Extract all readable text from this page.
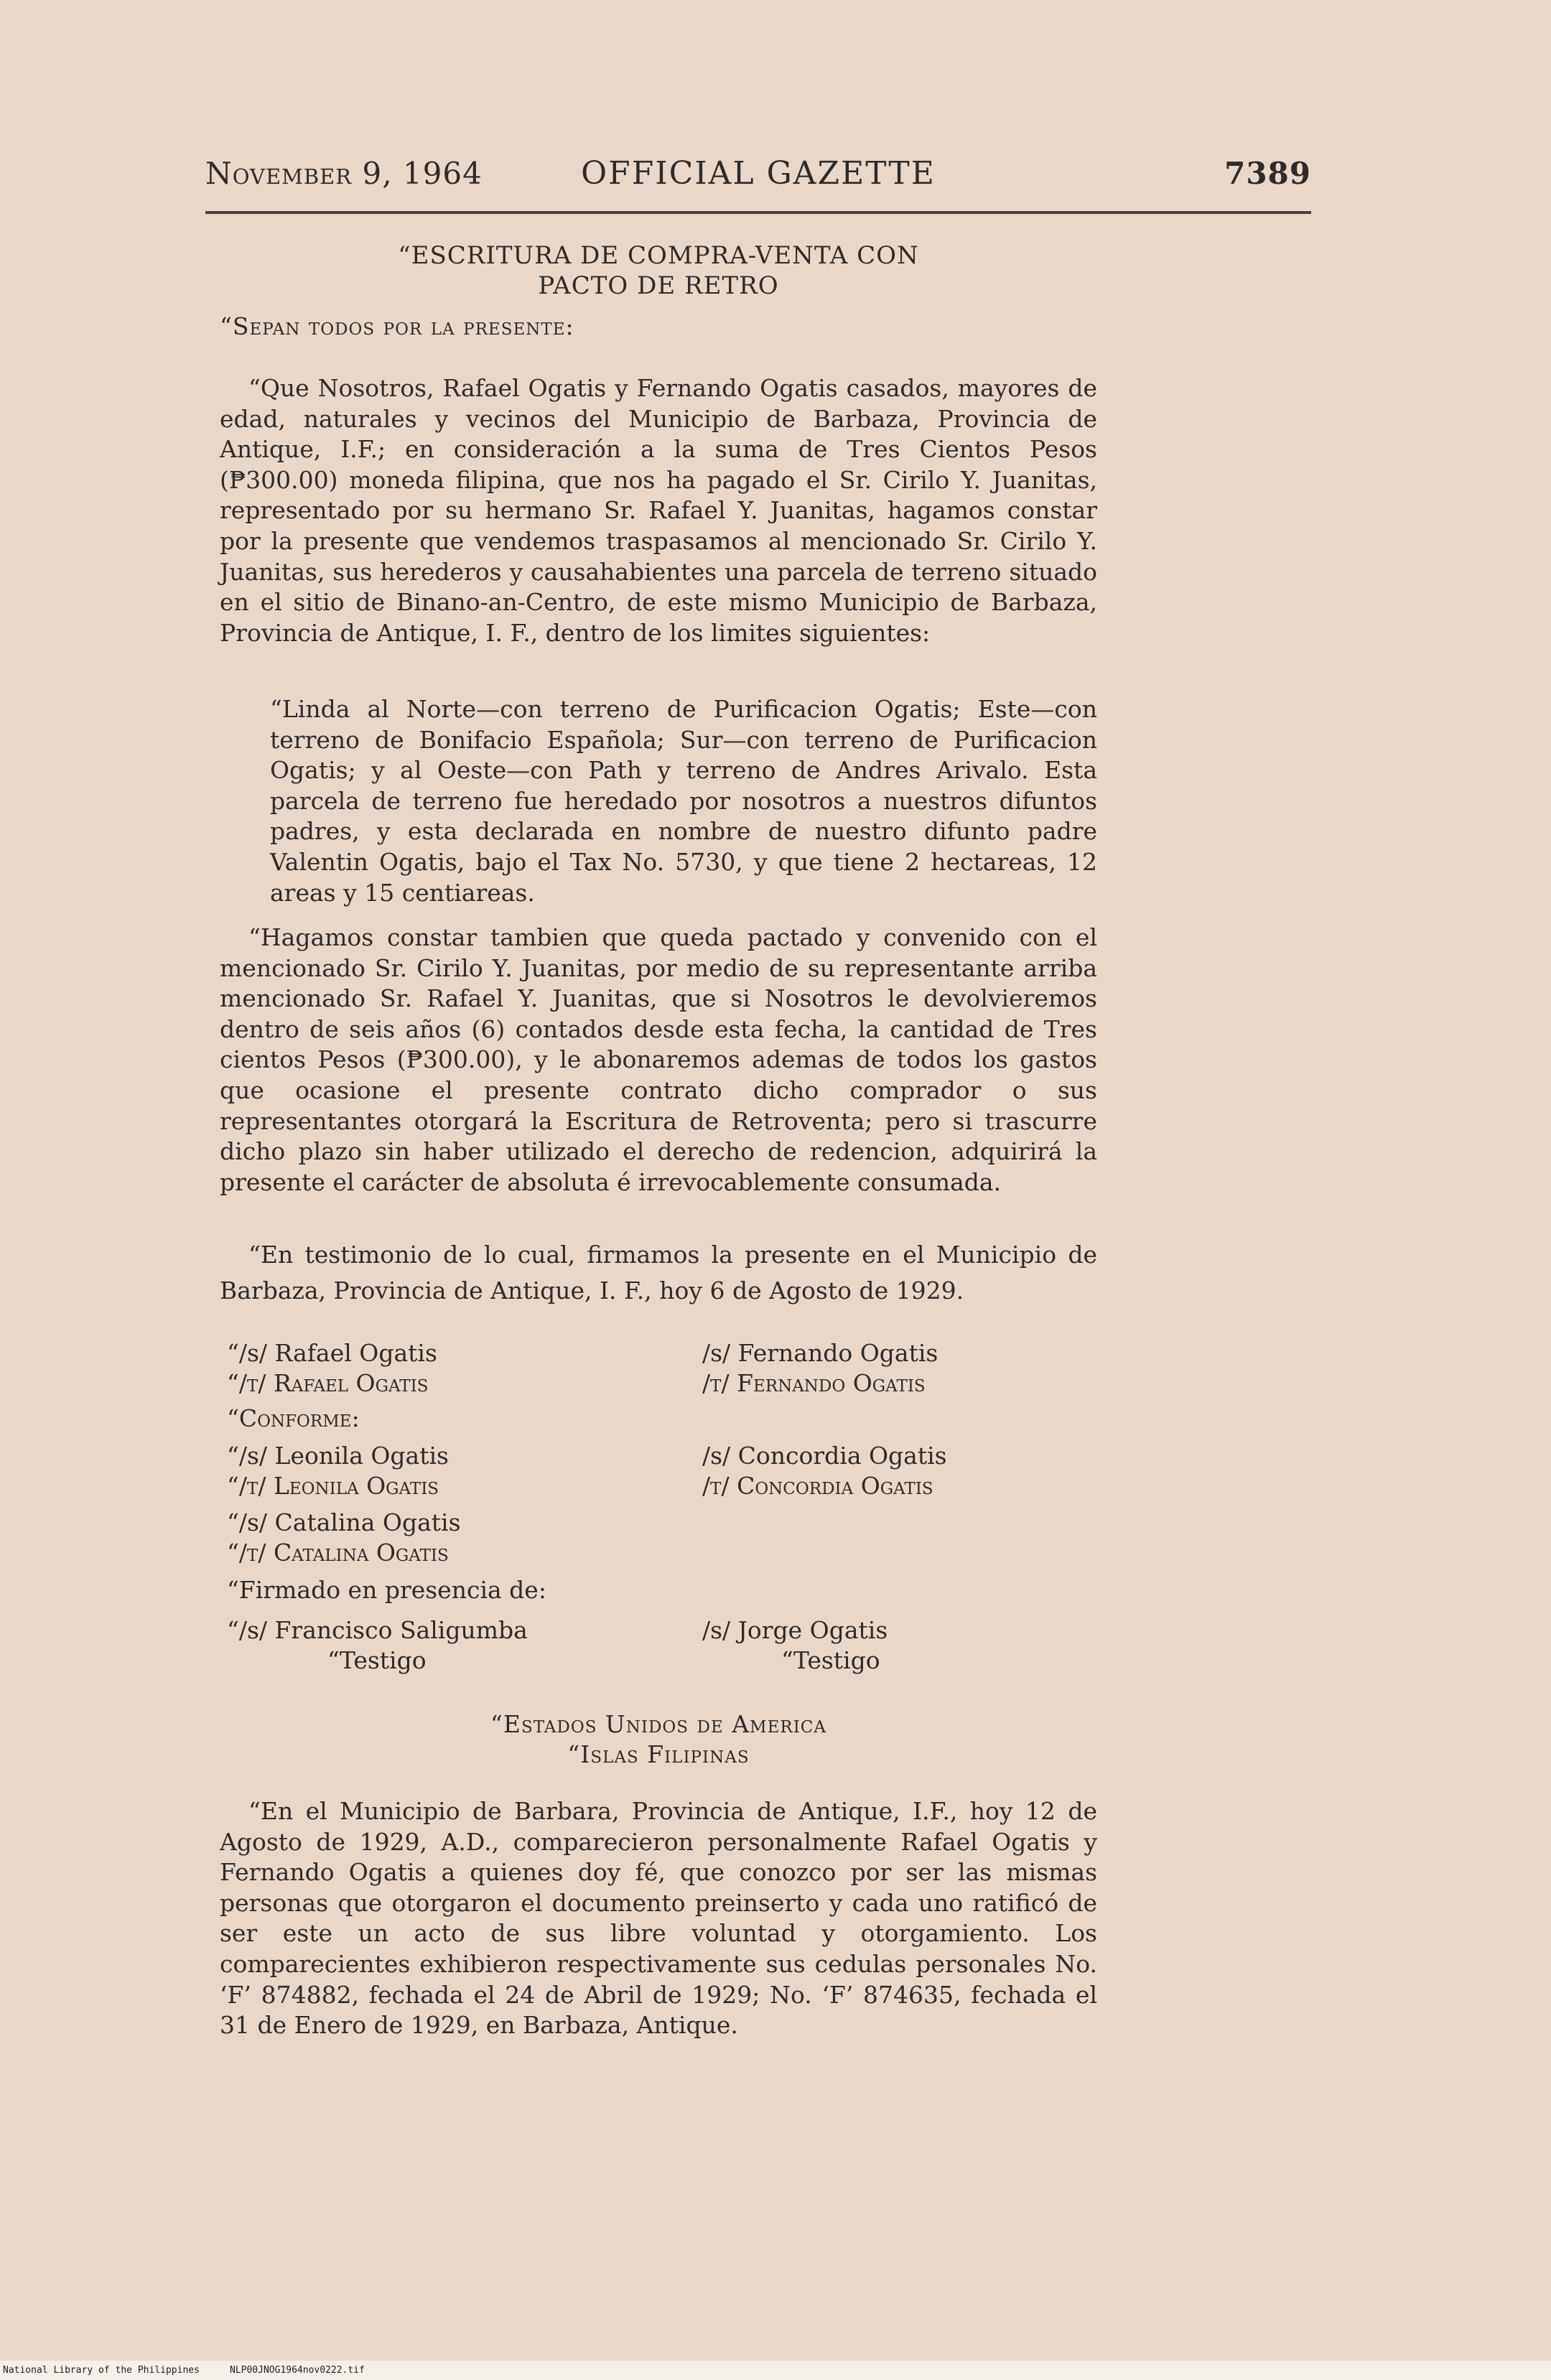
November 9, 1964	OFFICIAL GAZETTE	7389
“ESCRITURA DE COMPRA-VENTA CON
PACTO DE RETRO
“Sepan todos por la presente:
“Que Nosotros, Rafael Ogatis y Fernando Ogatis casados, mayores de edad, naturales y vecinos del Municipio de Barbaza, Provincia de Antique, I.F.; en consideración a la suma de Tres Cientos Pesos (₱300.00) moneda filipina, que nos ha pagado el Sr. Cirilo Y. Juanitas, representado por su hermano Sr. Rafael Y. Juanitas, hagamos constar por la presente que vendemos traspasamos al mencionado Sr. Cirilo Y. Juanitas, sus herederos y causahabientes una parcela de terreno situado en el sitio de Binano-an-Centro, de este mismo Municipio de Barbaza, Provincia de Antique, I. F., dentro de los limites siguientes:
“Linda al Norte—con terreno de Purificacion Ogatis; Este—con terreno de Bonifacio Española; Sur—con terreno de Purificacion Ogatis; y al Oeste—con Path y terreno de Andres Arivalo. Esta parcela de terreno fue heredado por nosotros a nuestros difuntos padres, y esta declarada en nombre de nuestro difunto padre Valentin Ogatis, bajo el Tax No. 5730, y que tiene 2 hectareas, 12 areas y 15 centiareas.
“Hagamos constar tambien que queda pactado y convenido con el mencionado Sr. Cirilo Y. Juanitas, por medio de su representante arriba mencionado Sr. Rafael Y. Juanitas, que si Nosotros le devolvieremos dentro de seis años (6) contados desde esta fecha, la cantidad de Tres cientos Pesos (₱300.00), y le abonaremos ademas de todos los gastos que ocasione el presente contrato dicho comprador o sus representantes otorgará la Escritura de Retroventa; pero si trascurre dicho plazo sin haber utilizado el derecho de redencion, adquirirá la presente el carácter de absoluta é irrevocablemente consumada.
“En testimonio de lo cual, firmamos la presente en el Municipio de Barbaza, Provincia de Antique, I. F., hoy 6 de Agosto de 1929.
“/s/ Rafael Ogatis
“/t/ Rafael Ogatis
/s/ Fernando Ogatis
/t/ Fernando Ogatis
“Conforme:
“/s/ Leonila Ogatis
“/t/ Leonila Ogatis
/s/ Concordia Ogatis
/t/ Concordia Ogatis
“/s/ Catalina Ogatis
“/t/ Catalina Ogatis
“Firmado en presencia de:
“/s/ Francisco Saligumba
“Testigo
/s/ Jorge Ogatis
“Testigo
“Estados Unidos de America
“Islas Filipinas
“En el Municipio de Barbara, Provincia de Antique, I.F., hoy 12 de Agosto de 1929, A.D., comparecieron personalmente Rafael Ogatis y Fernando Ogatis a quienes doy fé, que conozco por ser las mismas personas que otorgaron el documento preinserto y cada uno ratificó de ser este un acto de sus libre voluntad y otorgamiento. Los comparecientes exhibieron respectivamente sus cedulas personales No. ‘F’ 874882, fechada el 24 de Abril de 1929; No. ‘F’ 874635, fechada el 31 de Enero de 1929, en Barbaza, Antique.
National Library of the Philippines	NLP00JNOG1964nov0222.tif
